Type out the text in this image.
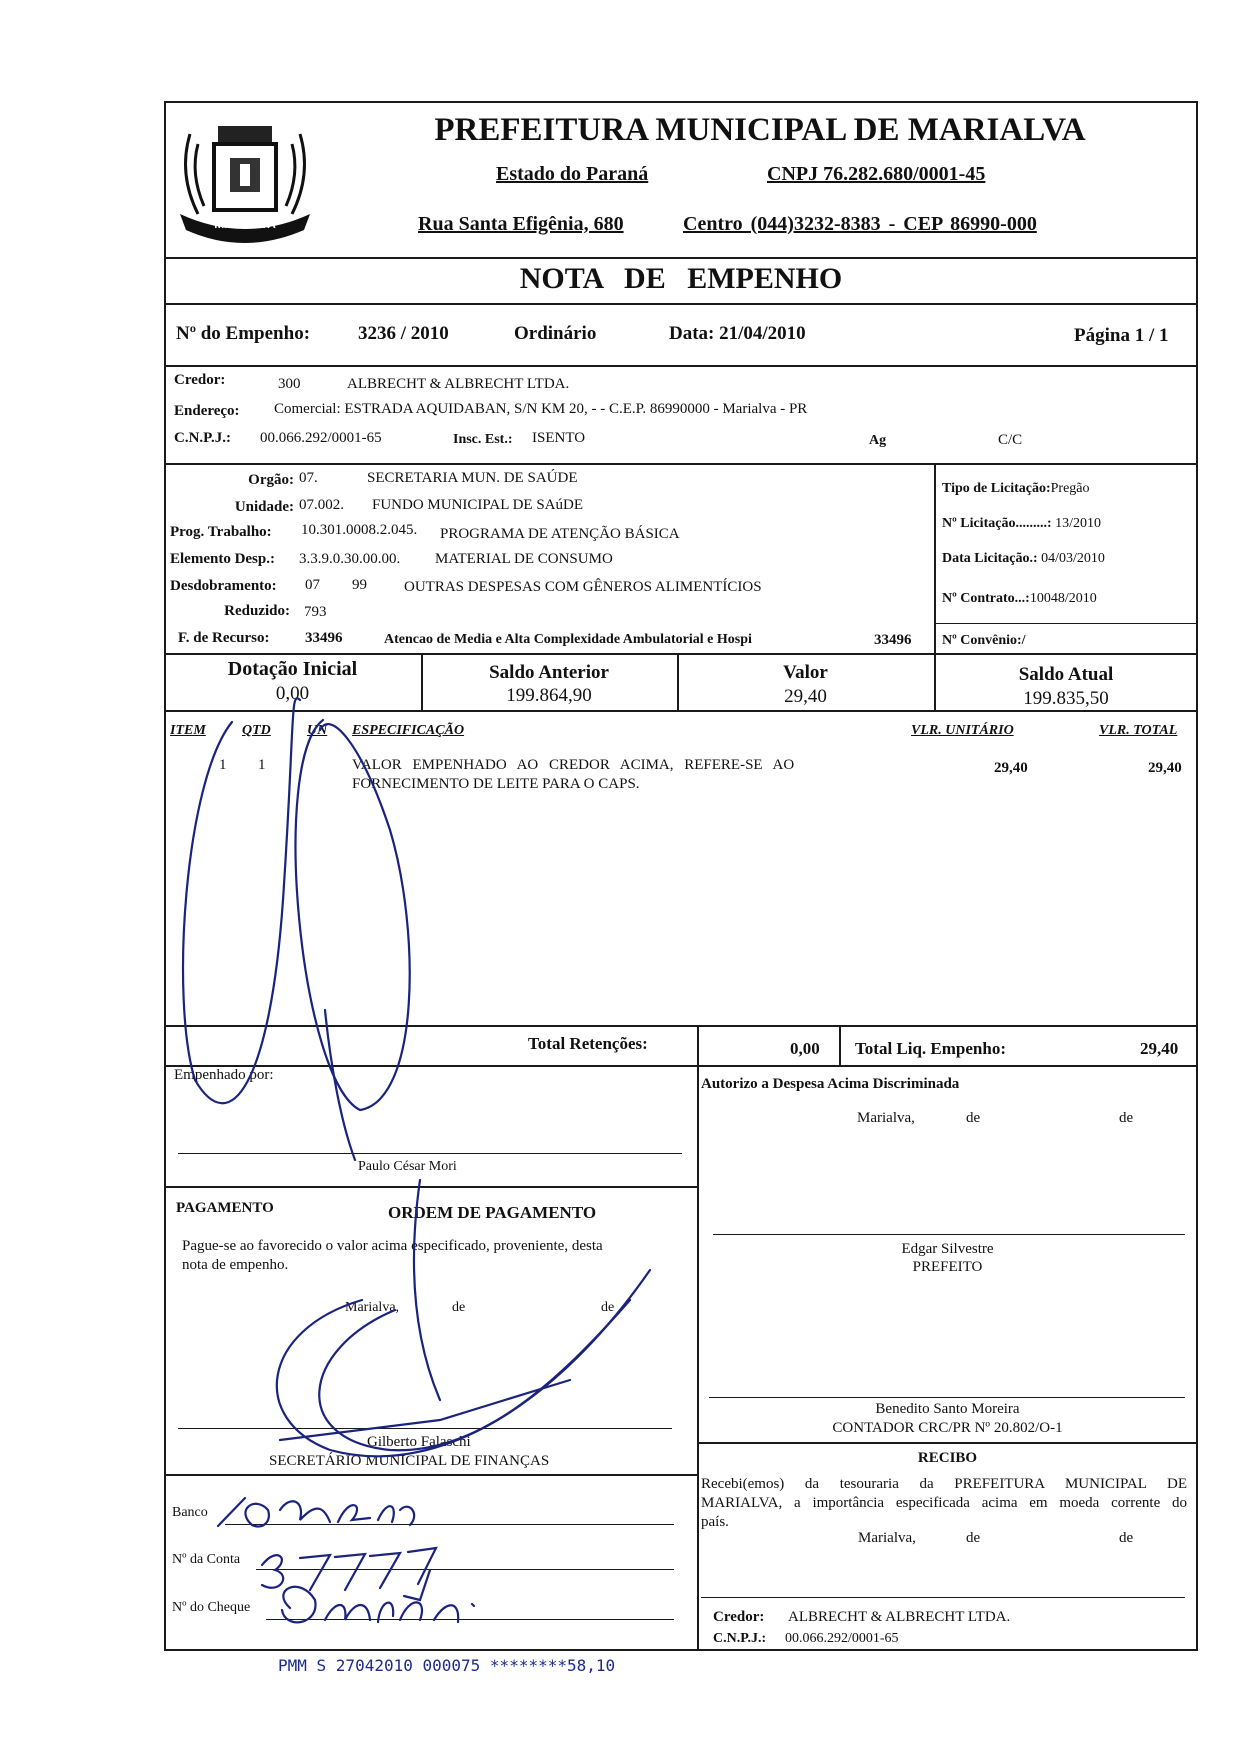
MARIALVA
PREFEITURA MUNICIPAL DE MARIALVA
Estado do Paraná	CNPJ 76.282.680/0001-45
Rua Santa Efigênia, 680	Centro (044)3232-8383 - CEP 86990-000
NOTA DE EMPENHO
Nº do Empenho:	3236 / 2010	Ordinário	Data: 21/04/2010	Página 1 / 1
Credor:	300	ALBRECHT & ALBRECHT LTDA.
Endereço: Comercial: ESTRADA AQUIDABAN, S/N KM 20, - - C.E.P. 86990000 - Marialva - PR
C.N.P.J.: 00.066.292/0001-65	Insc. Est.: ISENTO	Ag	C/C
Orgão: 07.	SECRETARIA MUN. DE SAÚDE
Unidade: 07.002. FUNDO MUNICIPAL DE SAúDE
Prog. Trabalho: 10.301.0008.2.045. PROGRAMA DE ATENÇÃO BÁSICA
Elemento Desp.: 3.3.9.0.30.00.00. MATERIAL DE CONSUMO
Desdobramento: 07 99 OUTRAS DESPESAS COM GÊNEROS ALIMENTÍCIOS
Reduzido: 793
F. de Recurso: 33496	Atencao de Media e Alta Complexidade Ambulatorial e Hospi	33496
Tipo de Licitação:Pregão
Nº Licitação.........: 13/2010
Data Licitação.: 04/03/2010
Nº Contrato...:10048/2010
Nº Convênio:/
Dotação Inicial
0,00
Saldo Anterior
199.864,90
Valor
29,40
Saldo Atual
199.835,50
ITEM	QTD	UN ESPECIFICAÇÃO	VLR. UNITÁRIO	VLR. TOTAL
1 1	VALOR EMPENHADO AO CREDOR ACIMA, REFERE-SE AO
FORNECIMENTO DE LEITE PARA O CAPS.
29,40	29,40
Total Retenções:	0,00 Total Liq. Empenho:	29,40
Empenhado por:
Paulo César Mori
PAGAMENTO	ORDEM DE PAGAMENTO
Pague-se ao favorecido o valor acima especificado, proveniente, desta
nota de empenho.
Marialva,	de	de
Gilberto Falaschi
SECRETÁRIO MUNICIPAL DE FINANÇAS
Banco
Nº da Conta
Nº do Cheque
Autorizo a Despesa Acima Discriminada
Marialva,	de	de
Edgar Silvestre
PREFEITO
Benedito Santo Moreira
CONTADOR CRC/PR Nº 20.802/O-1
RECIBO
Recebi(emos) da tesouraria da PREFEITURA MUNICIPAL DE
MARIALVA, a importância especificada acima em moeda corrente do
país.
Marialva,	de	de
Credor: ALBRECHT & ALBRECHT LTDA.
C.N.P.J.: 00.066.292/0001-65
PMM S 27042010 000075 ********58,10
